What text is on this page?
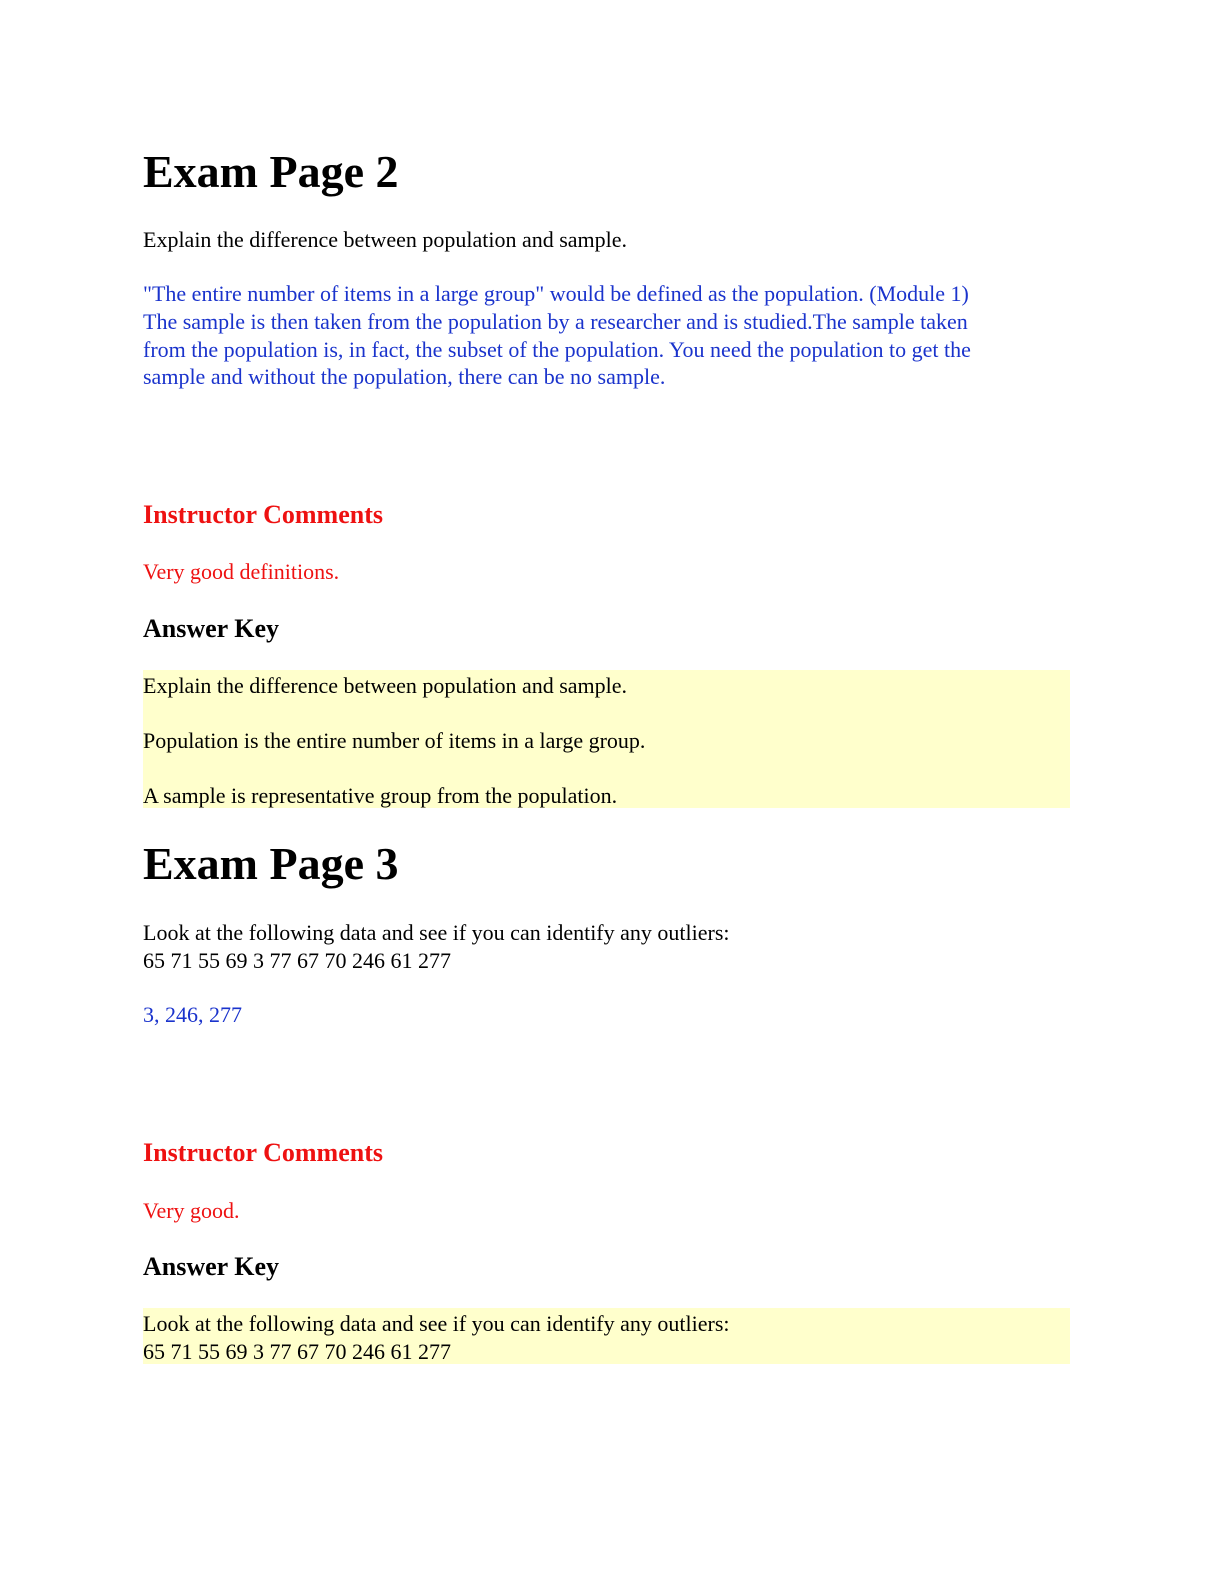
Exam Page 2

Explain the difference between population and sample.

"The entire number of items in a large group" would be defined as the population. (Module 1)

The sample is then taken from the population by a researcher and is studied.The sample taken

from the population is, in fact, the subset of the population. You need the population to get the

sample and without the population, there can be no sample.

Instructor Comments

Very good definitions.

Answer Key

Explain the difference between population and sample.

Population is the entire number of items in a large group.

A sample is representative group from the population.

Exam Page 3

Look at the following data and see if you can identify any outliers:

65 71 55 69 3 77 67 70 246 61 277

3, 246, 277

Instructor Comments

Very good.

Answer Key

Look at the following data and see if you can identify any outliers:

65 71 55 69 3 77 67 70 246 61 277
